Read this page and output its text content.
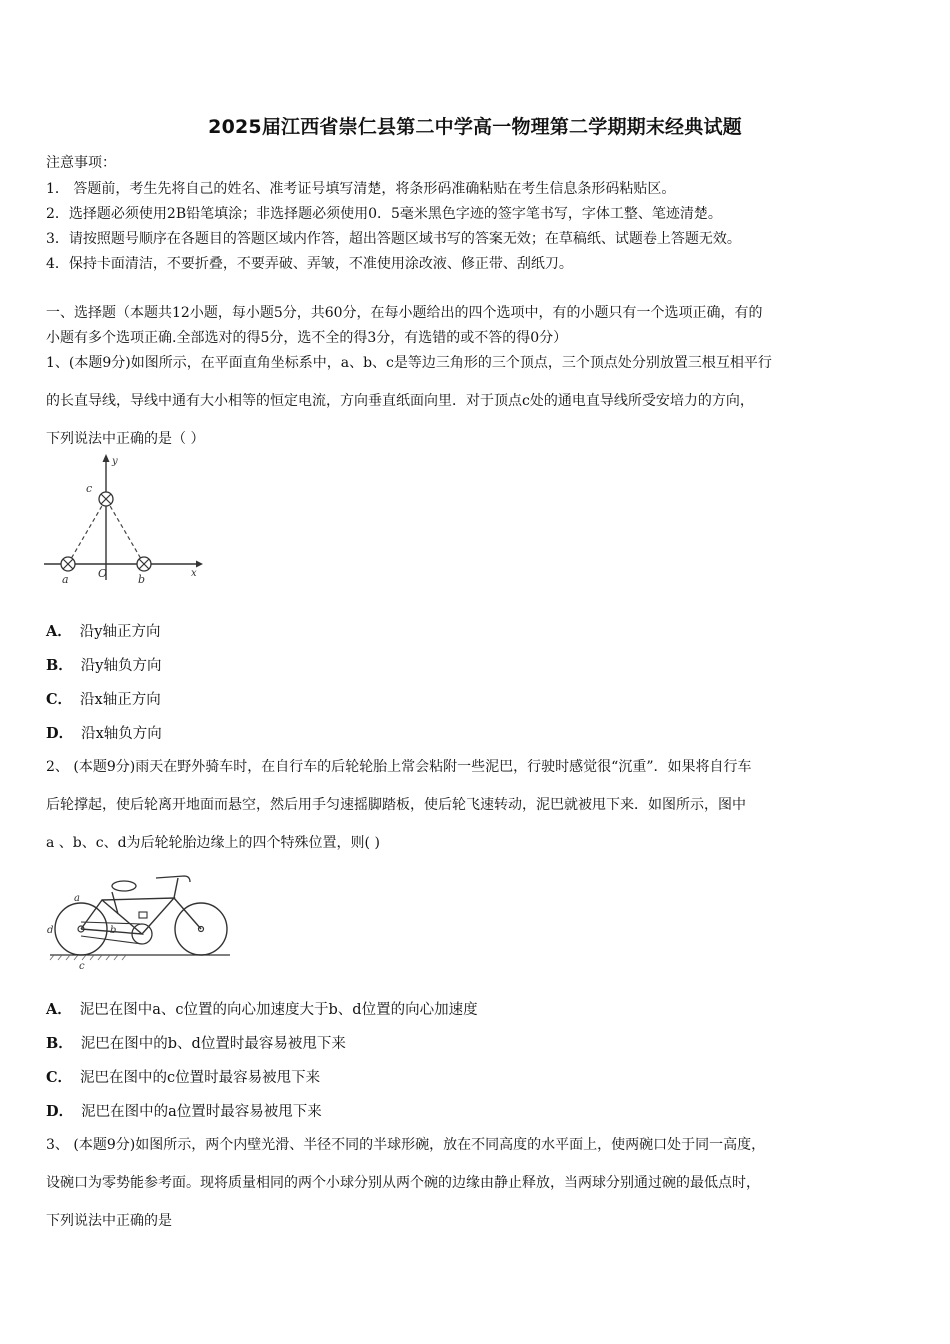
2025届江西省崇仁县第二中学高一物理第二学期期末经典试题
注意事项：
1． 答题前，考生先将自己的姓名、准考证号填写清楚，将条形码准确粘贴在考生信息条形码粘贴区。
2．选择题必须使用2B铅笔填涂；非选择题必须使用0．5毫米黑色字迹的签字笔书写，字体工整、笔迹清楚。
3．请按照题号顺序在各题目的答题区域内作答，超出答题区域书写的答案无效；在草稿纸、试题卷上答题无效。
4．保持卡面清洁，不要折叠，不要弄破、弄皱，不准使用涂改液、修正带、刮纸刀。
一、选择题（本题共12小题，每小题5分，共60分，在每小题给出的四个选项中，有的小题只有一个选项正确，有的
小题有多个选项正确.全部选对的得5分，选不全的得3分，有选错的或不答的得0分）
1、(本题9分)如图所示，在平面直角坐标系中，a、b、c是等边三角形的三个顶点，三个顶点处分别放置三根互相平行
的长直导线，导线中通有大小相等的恒定电流，方向垂直纸面向里．对于顶点c处的通电直导线所受安培力的方向，
下列说法中正确的是（ ）
y
c
O
a	b	x
A． 沿y轴正方向
B． 沿y轴负方向
C． 沿x轴正方向
D． 沿x轴负方向
2、 (本题9分)雨天在野外骑车时，在自行车的后轮轮胎上常会粘附一些泥巴，行驶时感觉很“沉重”．如果将自行车
后轮撑起，使后轮离开地面而悬空，然后用手匀速摇脚踏板，使后轮飞速转动，泥巴就被甩下来．如图所示，图中
a 、b、c、d为后轮轮胎边缘上的四个特殊位置，则( )
a
b
d
c
A． 泥巴在图中a、c位置的向心加速度大于b、d位置的向心加速度
B． 泥巴在图中的b、d位置时最容易被甩下来
C． 泥巴在图中的c位置时最容易被甩下来
D． 泥巴在图中的a位置时最容易被甩下来
3、 (本题9分)如图所示，两个内壁光滑、半径不同的半球形碗，放在不同高度的水平面上，使两碗口处于同一高度，
设碗口为零势能参考面。现将质量相同的两个小球分别从两个碗的边缘由静止释放，当两球分别通过碗的最低点时，
下列说法中正确的是
